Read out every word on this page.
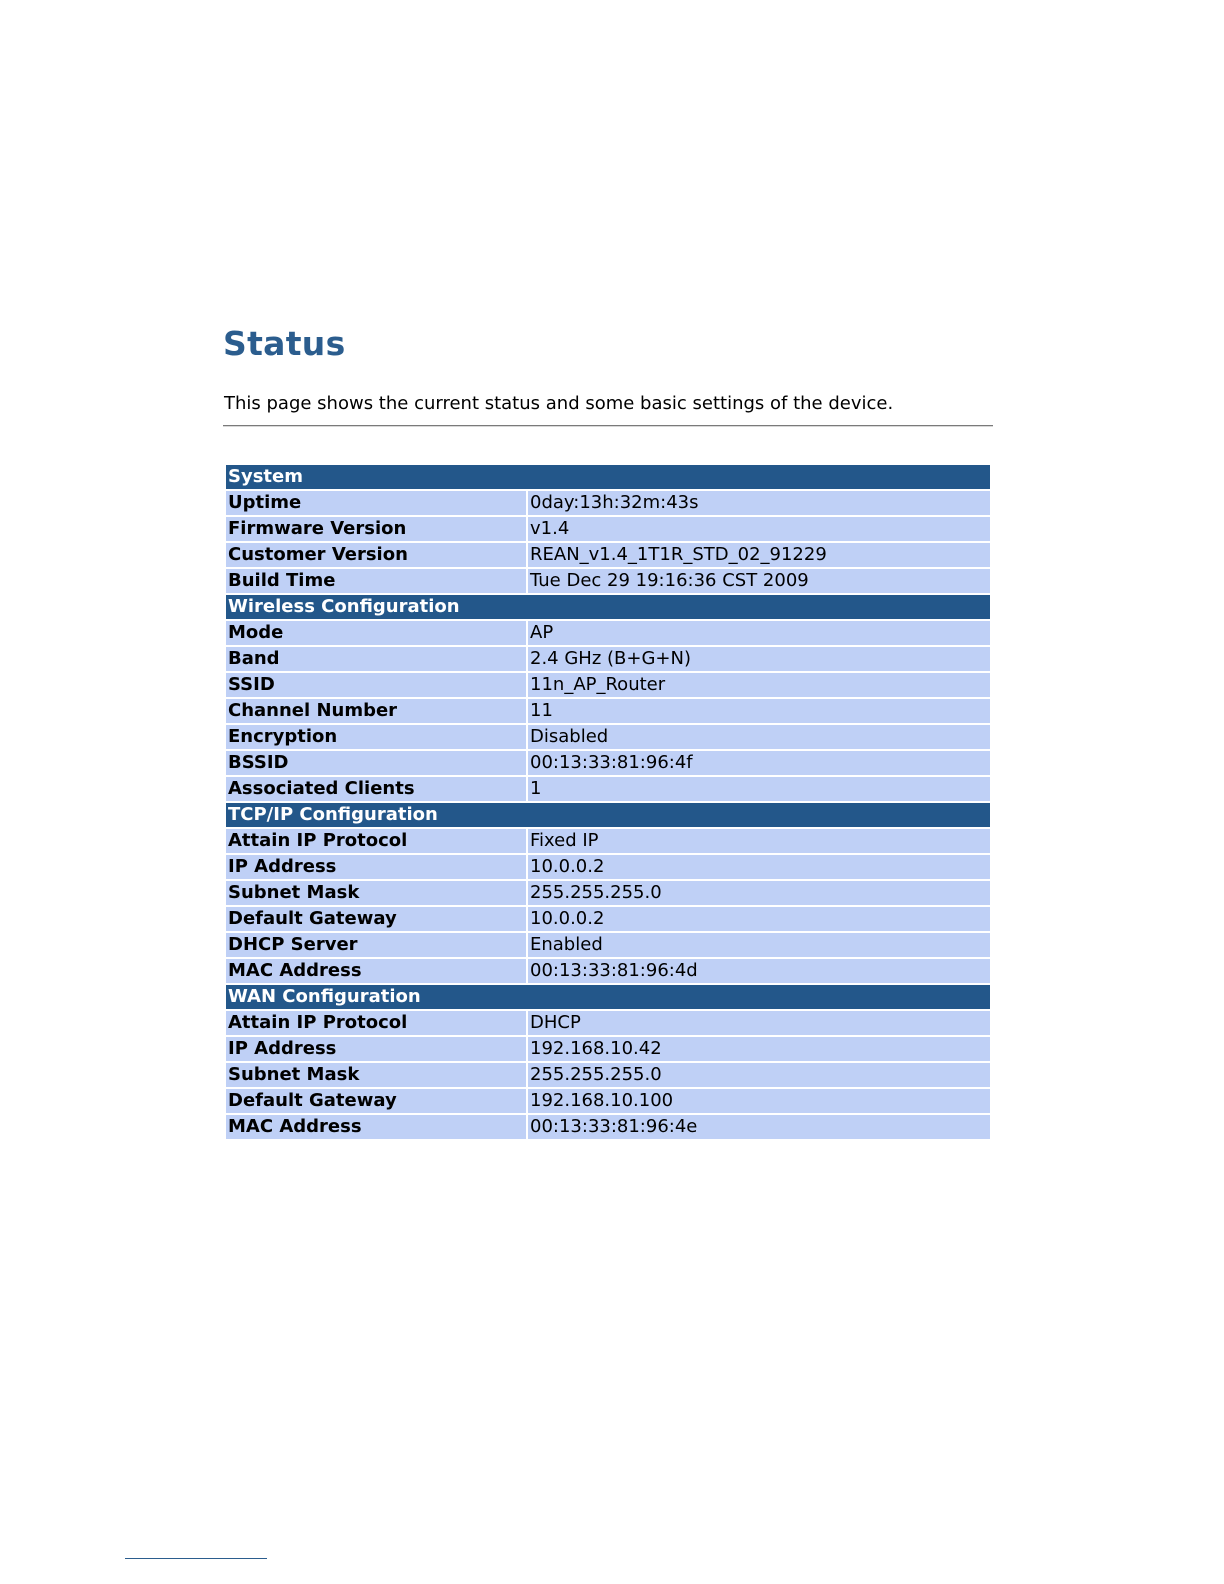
Status

This page shows the current status and some basic settings of the device.

System	
Uptime	0day:13h:32m:43s
Firmware Version	v1.4
Customer Version	REAN_v1.4_1T1R_STD_02_91229
Build Time	Tue Dec 29 19:16:36 CST 2009
Wireless Configuration	
Mode	AP
Band	2.4 GHz (B+G+N)
SSID	11n_AP_Router
Channel Number	11
Encryption	Disabled
BSSID	00:13:33:81:96:4f
Associated Clients	1
TCP/IP Configuration	
Attain IP Protocol	Fixed IP
IP Address	10.0.0.2
Subnet Mask	255.255.255.0
Default Gateway	10.0.0.2
DHCP Server	Enabled
MAC Address	00:13:33:81:96:4d
WAN Configuration	
Attain IP Protocol	DHCP
IP Address	192.168.10.42
Subnet Mask	255.255.255.0
Default Gateway	192.168.10.100
MAC Address	00:13:33:81:96:4e
